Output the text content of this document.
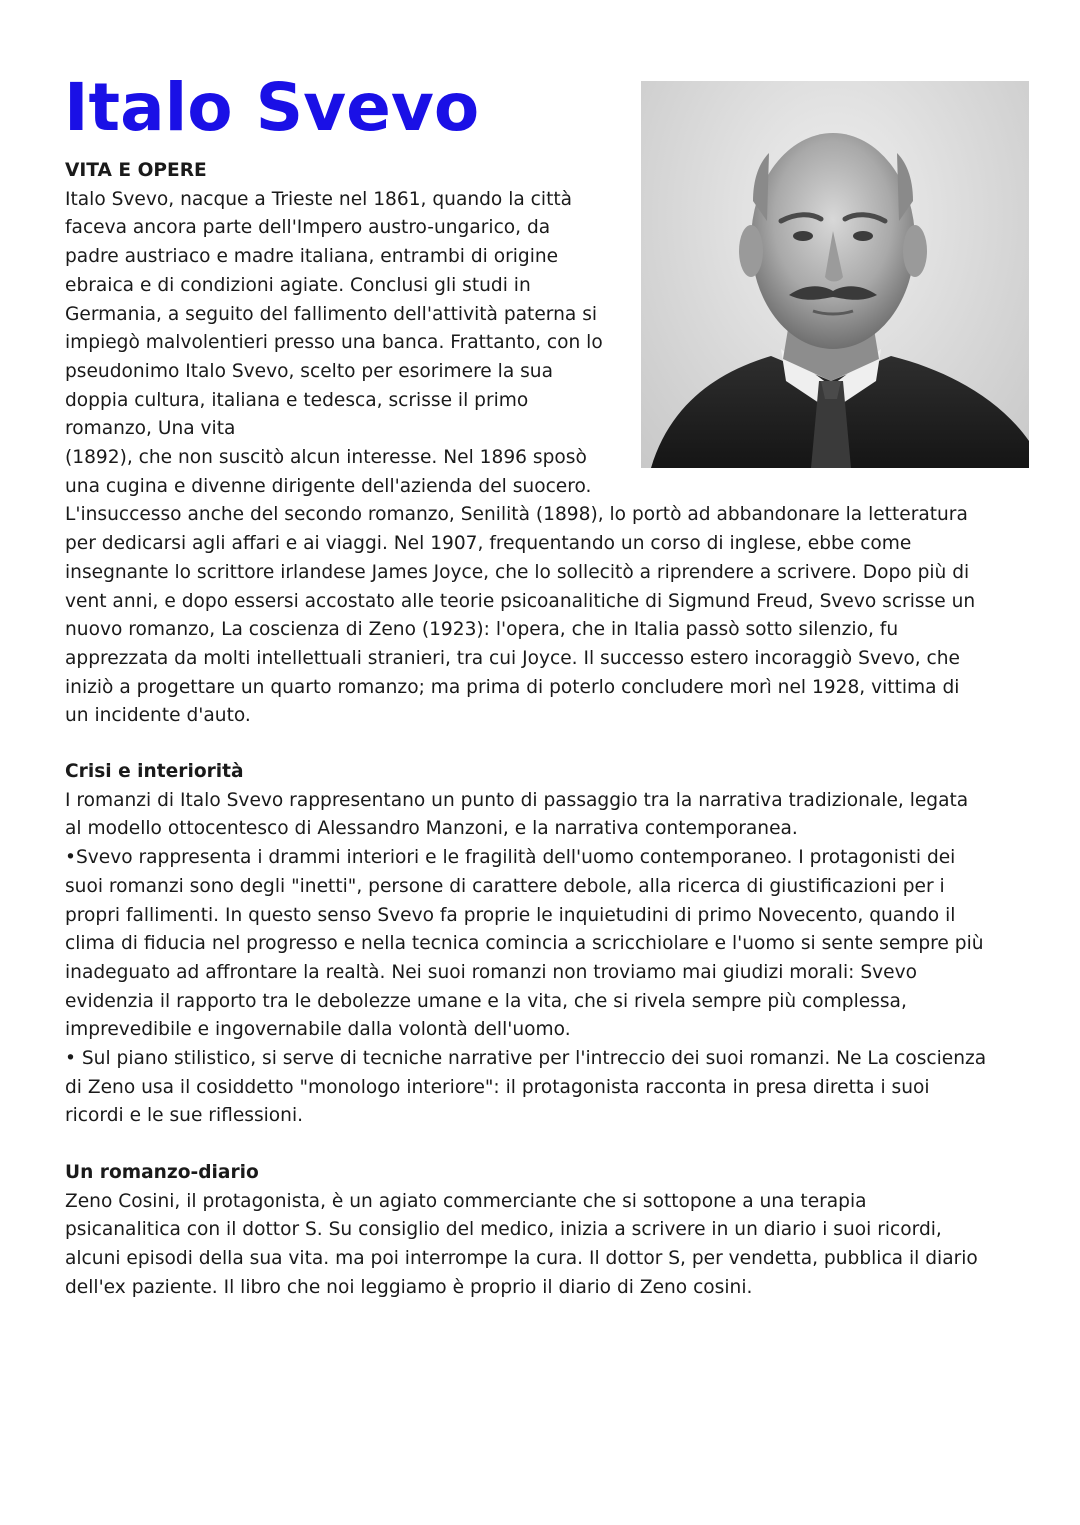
Italo Svevo
VITA E OPERE
Italo Svevo, nacque a Trieste nel 1861, quando la città
faceva ancora parte dell'Impero austro-ungarico, da
padre austriaco e madre italiana, entrambi di origine
ebraica e di condizioni agiate. Conclusi gli studi in
Germania, a seguito del fallimento dell'attività paterna si
impiegò malvolentieri presso una banca. Frattanto, con lo
pseudonimo Italo Svevo, scelto per esorimere la sua
doppia cultura, italiana e tedesca, scrisse il primo
romanzo, Una vita
(1892), che non suscitò alcun interesse. Nel 1896 sposò
una cugina e divenne dirigente dell'azienda del suocero.
L'insuccesso anche del secondo romanzo, Senilità (1898), lo portò ad abbandonare la letteratura
per dedicarsi agli affari e ai viaggi. Nel 1907, frequentando un corso di inglese, ebbe come
insegnante lo scrittore irlandese James Joyce, che lo sollecitò a riprendere a scrivere. Dopo più di
vent anni, e dopo essersi accostato alle teorie psicoanalitiche di Sigmund Freud, Svevo scrisse un
nuovo romanzo, La coscienza di Zeno (1923): l'opera, che in Italia passò sotto silenzio, fu
apprezzata da molti intellettuali stranieri, tra cui Joyce. Il successo estero incoraggiò Svevo, che
iniziò a progettare un quarto romanzo; ma prima di poterlo concludere morì nel 1928, vittima di
un incidente d'auto.
Crisi e interiorità
I romanzi di Italo Svevo rappresentano un punto di passaggio tra la narrativa tradizionale, legata
al modello ottocentesco di Alessandro Manzoni, e la narrativa contemporanea.
•Svevo rappresenta i drammi interiori e le fragilità dell'uomo contemporaneo. I protagonisti dei
suoi romanzi sono degli "inetti", persone di carattere debole, alla ricerca di giustificazioni per i
propri fallimenti. In questo senso Svevo fa proprie le inquietudini di primo Novecento, quando il
clima di fiducia nel progresso e nella tecnica comincia a scricchiolare e l'uomo si sente sempre più
inadeguato ad affrontare la realtà. Nei suoi romanzi non troviamo mai giudizi morali: Svevo
evidenzia il rapporto tra le debolezze umane e la vita, che si rivela sempre più complessa,
imprevedibile e ingovernabile dalla volontà dell'uomo.
• Sul piano stilistico, si serve di tecniche narrative per l'intreccio dei suoi romanzi. Ne La coscienza
di Zeno usa il cosiddetto "monologo interiore": il protagonista racconta in presa diretta i suoi
ricordi e le sue riflessioni.
Un romanzo-diario
Zeno Cosini, il protagonista, è un agiato commerciante che si sottopone a una terapia
psicanalitica con il dottor S. Su consiglio del medico, inizia a scrivere in un diario i suoi ricordi,
alcuni episodi della sua vita. ma poi interrompe la cura. Il dottor S, per vendetta, pubblica il diario
dell'ex paziente. Il libro che noi leggiamo è proprio il diario di Zeno cosini.
